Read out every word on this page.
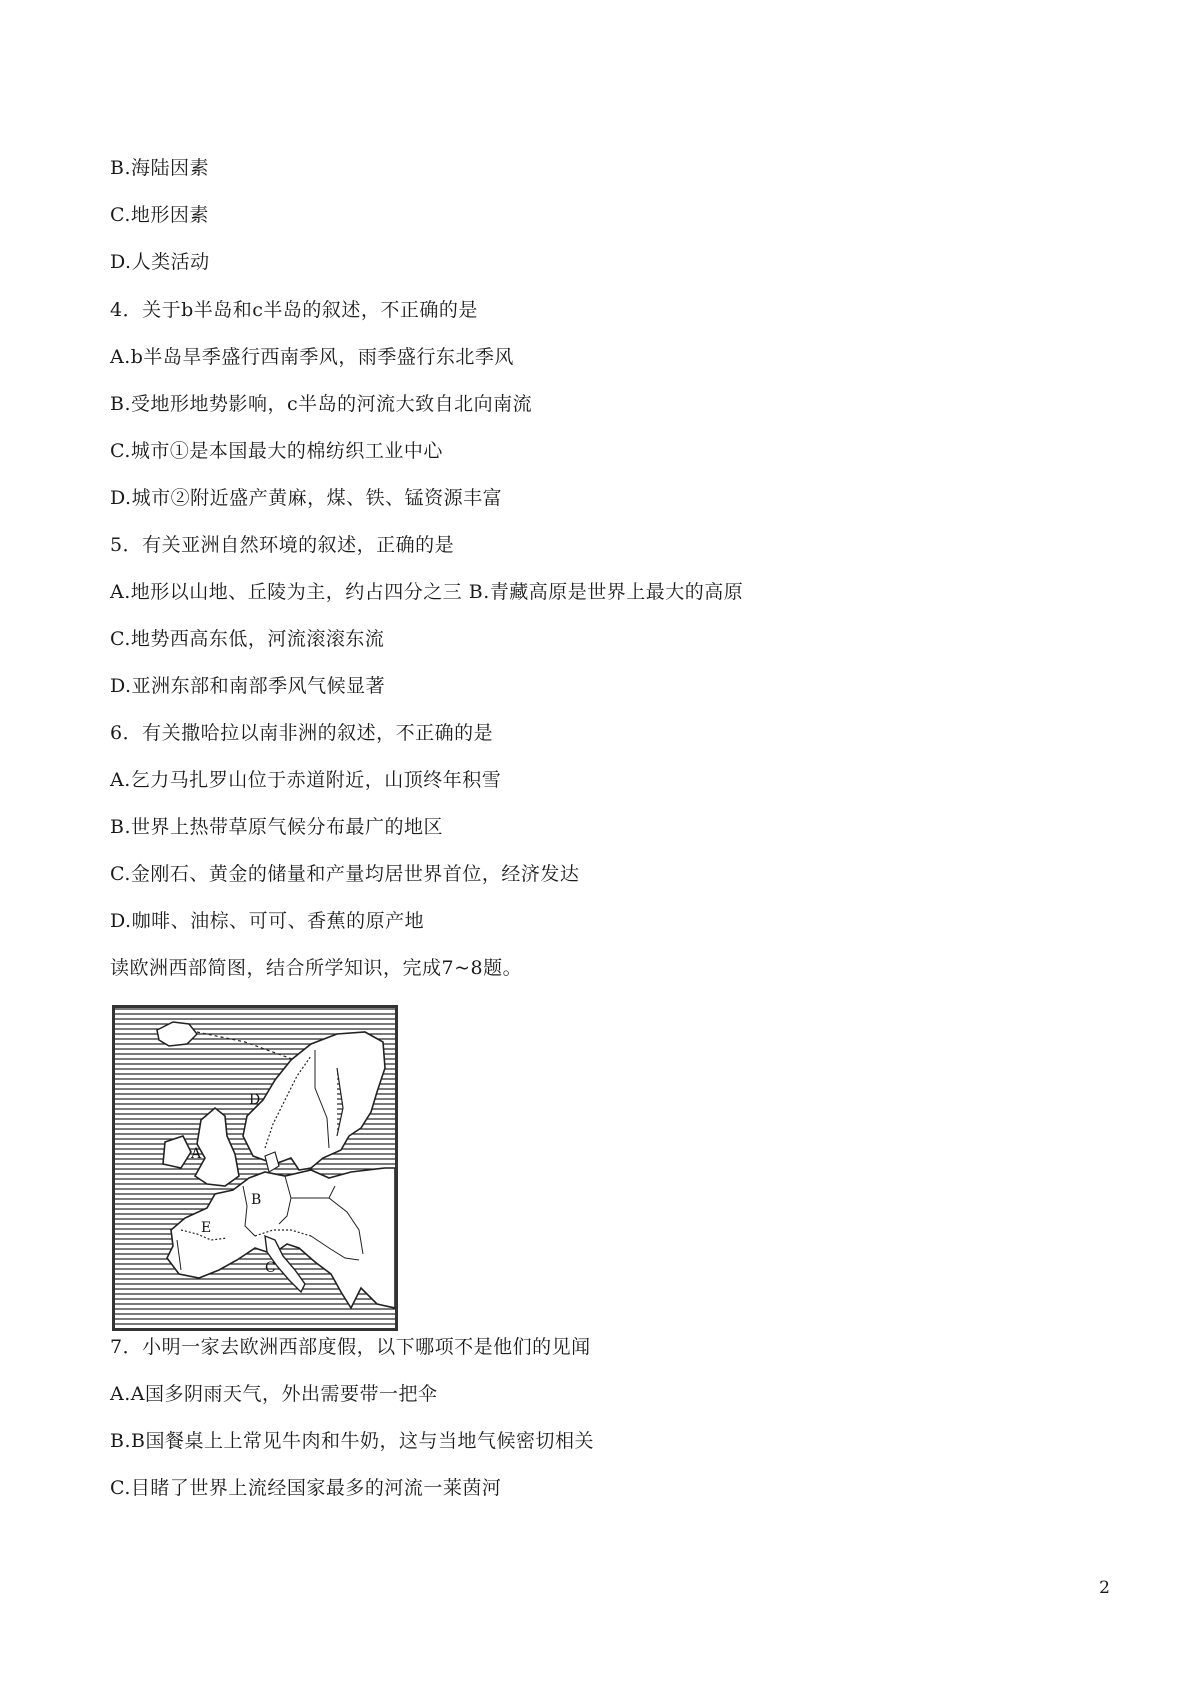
B.海陆因素
C.地形因素
D.人类活动
4．关于b半岛和c半岛的叙述，不正确的是
A.b半岛旱季盛行西南季风，雨季盛行东北季风
B.受地形地势影响，c半岛的河流大致自北向南流
C.城市①是本国最大的棉纺织工业中心
D.城市②附近盛产黄麻，煤、铁、锰资源丰富
5．有关亚洲自然环境的叙述，正确的是
A.地形以山地、丘陵为主，约占四分之三 B.青藏高原是世界上最大的高原
C.地势西高东低，河流滚滚东流
D.亚洲东部和南部季风气候显著
6．有关撒哈拉以南非洲的叙述，不正确的是
A.乞力马扎罗山位于赤道附近，山顶终年积雪
B.世界上热带草原气候分布最广的地区
C.金刚石、黄金的储量和产量均居世界首位，经济发达
D.咖啡、油棕、可可、香蕉的原产地
读欧洲西部简图，结合所学知识，完成7~8题。
A
B
C
D
E
7．小明一家去欧洲西部度假，以下哪项不是他们的见闻
A.A国多阴雨天气，外出需要带一把伞
B.B国餐桌上上常见牛肉和牛奶，这与当地气候密切相关
C.目睹了世界上流经国家最多的河流一莱茵河
2
